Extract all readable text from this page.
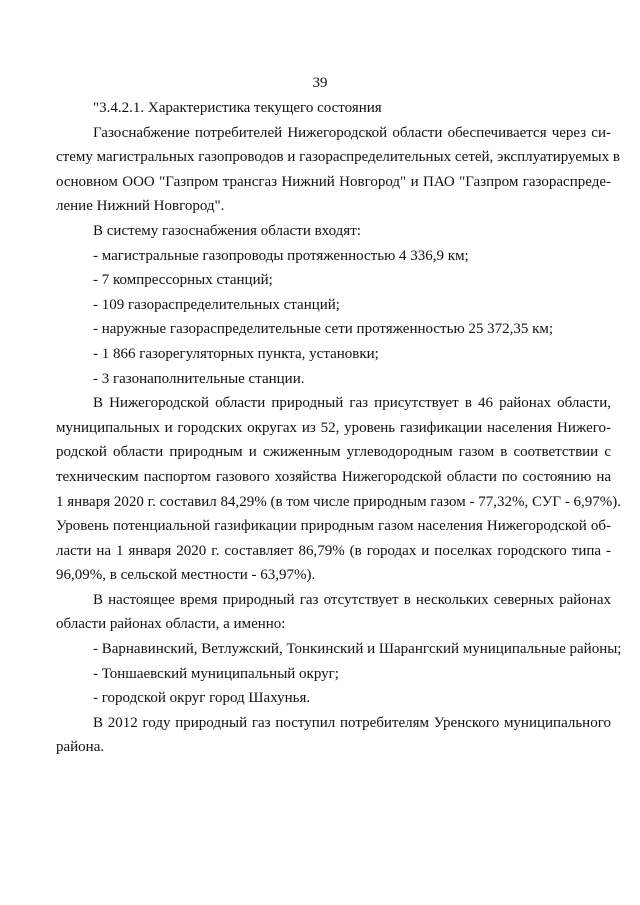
39
"3.4.2.1. Характеристика текущего состояния
Газоснабжение потребителей Нижегородской области обеспечивается через си-
стему магистральных газопроводов и газораспределительных сетей, эксплуатируемых в
основном ООО "Газпром трансгаз Нижний Новгород" и ПАО "Газпром газораспреде-
ление Нижний Новгород".
В систему газоснабжения области входят:
- магистральные газопроводы протяженностью 4 336,9 км;
- 7 компрессорных станций;
- 109 газораспределительных станций;
- наружные газораспределительные сети протяженностью 25 372,35 км;
- 1 866 газорегуляторных пункта, установки;
- 3 газонаполнительные станции.
В Нижегородской области природный газ присутствует в 46 районах области,
муниципальных и городских округах из 52, уровень газификации населения Нижего-
родской области природным и сжиженным углеводородным газом в соответствии с
техническим паспортом газового хозяйства Нижегородской области по состоянию на
1 января 2020 г. составил 84,29% (в том числе природным газом - 77,32%, СУГ - 6,97%).
Уровень потенциальной газификации природным газом населения Нижегородской об-
ласти на 1 января 2020 г. составляет 86,79% (в городах и поселках городского типа -
96,09%, в сельской местности - 63,97%).
В настоящее время природный газ отсутствует в нескольких северных районах
области районах области, а именно:
- Варнавинский, Ветлужский, Тонкинский и Шарангский муниципальные районы;
- Тоншаевский муниципальный округ;
- городской округ город Шахунья.
В 2012 году природный газ поступил потребителям Уренского муниципального
района.
